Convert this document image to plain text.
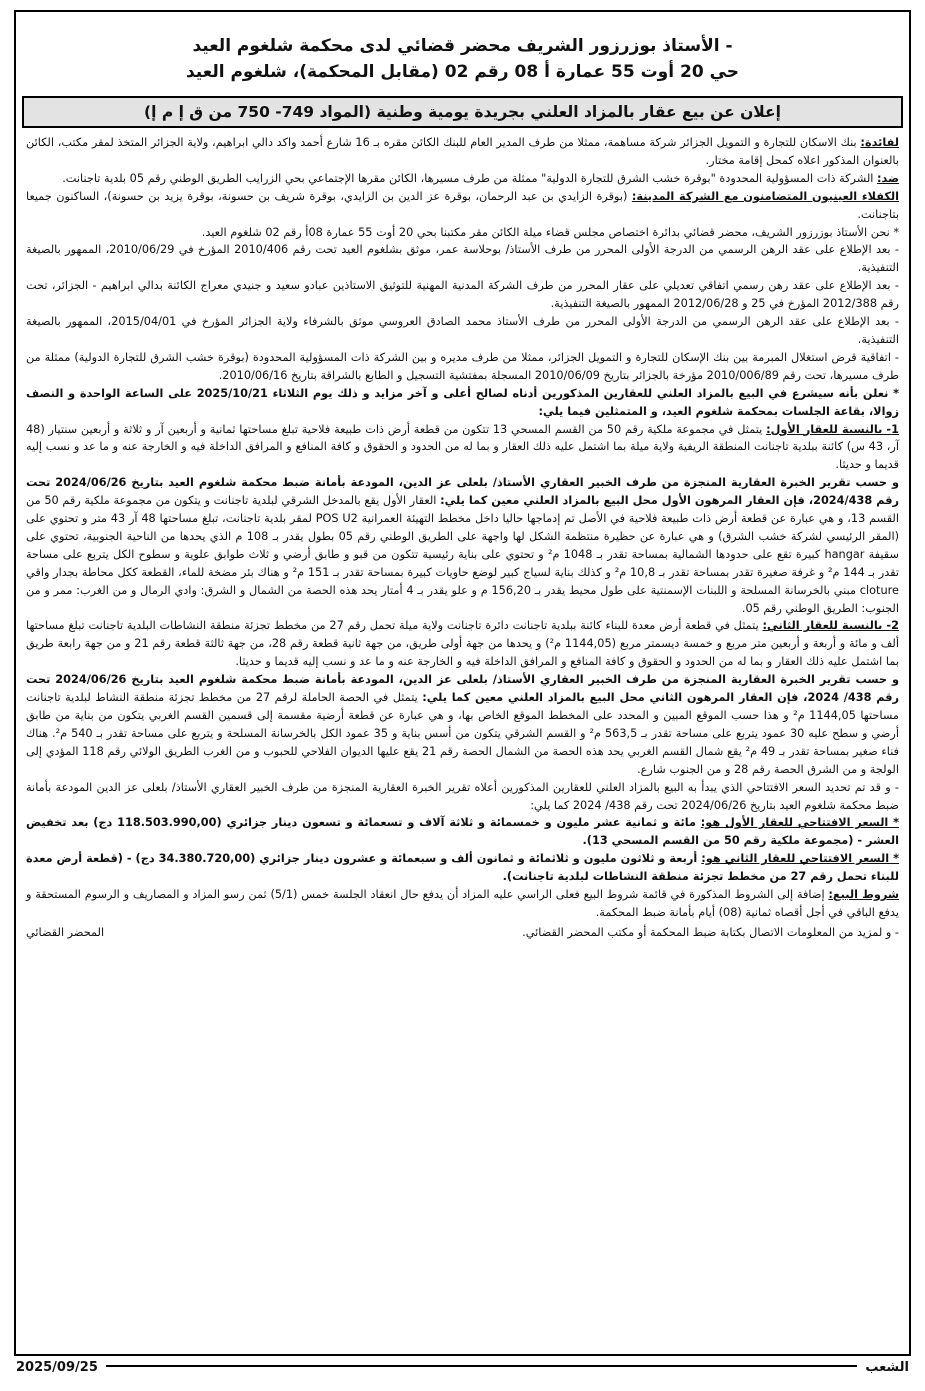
- الأستاذ بوزرزور الشريف محضر قضائي لدى محكمة شلغوم العيد

حي 20 أوت 55 عمارة أ 08 رقم 02 (مقابل المحكمة)، شلغوم العيد

إعلان عن بيع عقار بالمزاد العلني بجريدة يومية وطنية (المواد 749- 750 من ق إ م إ)

لفائدة: بنك الاسكان للتجارة و التمويل الجزائر شركة مساهمة، ممثلا من طرف المدير العام للبنك الكائن مقره بـ 16 شارع أحمد واكد دالي ابراهيم، ولاية الجزائر المتخذ لمقر مكتب، الكائن بالعنوان المذكور اعلاه كمحل إقامة مختار.

ضد: الشركة ذات المسؤولية المحدودة "بوقرة خشب الشرق للتجارة الدولية" ممثلة من طرف مسيرها، الكائن مقرها الإجتماعي بحي الزرايب الطريق الوطني رقم 05 بلدية تاجنانت.

الكفلاء العينيون المتضامنون مع الشركة المدينة: (بوقرة الزايدي بن عبد الرحمان، بوقرة عز الدين بن الزايدي، بوقرة شريف بن حسونة، بوقرة يزيد بن حسونة)، الساكنون جميعا بتاجنانت.

* نحن الأستاذ بوزرزور الشريف، محضر قضائي بدائرة اختصاص مجلس قضاء ميلة الكائن مقر مكتبنا بحي 20 أوت 55 عمارة 08أ رقم 02 شلغوم العيد.

- بعد الإطلاع على عقد الرهن الرسمي من الدرجة الأولى المحرر من طرف الأستاذ/ بوحلاسة عمر، موثق بشلغوم العيد تحت رقم 2010/406 المؤرخ في 2010/06/29، الممهور بالصيغة التنفيذية.

- بعد الإطلاع على عقد رهن رسمي اتفاقي تعديلي على عقار المحرر من طرف الشركة المدنية المهنية للتوثيق الاستاذين عبادو سعيد و جنيدي معراج الكائنة بدالي ابراهيم - الجزائر، تحت رقم 2012/388 المؤرخ في 25 و 2012/06/28 الممهور بالصيغة التنفيذية.

- بعد الإطلاع على عقد الرهن الرسمي من الدرجة الأولى المحرر من طرف الأستاذ محمد الصادق العروسي موثق بالشرفاء ولاية الجزائر المؤرخ في 2015/04/01، الممهور بالصيغة التنفيذية.

- اتفاقية قرض استغلال المبرمة بين بنك الإسكان للتجارة و التمويل الجزائر، ممثلا من طرف مديره و بين الشركة ذات المسؤولية المحدودة (بوقرة خشب الشرق للتجارة الدولية) ممثلة من طرف مسيرها، تحت رقم 2010/006/89 مؤرخة بالجزائر بتاريخ 2010/06/09 المسجلة بمفتشية التسجيل و الطابع بالشراقة بتاريخ 2010/06/16.

* نعلن بأنه سيشرع في البيع بالمزاد العلني للعقارين المذكورين أدناه لصالح أعلى و آخر مزايد و ذلك يوم الثلاثاء 2025/10/21 على الساعة الواحدة و النصف زوالا، بقاعة الجلسات بمحكمة شلغوم العيد، و المتمثلين فيما يلي:

1- بالنسبة للعقار الأول: يتمثل في مجموعة ملكية رقم 50 من القسم المسحي 13 تتكون من قطعة أرض ذات طبيعة فلاحية تبلغ مساحتها ثمانية و أربعين آر و ثلاثة و أربعين سنتيار (48 آر، 43 س) كائنة ببلدية تاجنانت المنطقة الريفية ولاية ميلة بما اشتمل عليه ذلك العقار و بما له من الحدود و الحقوق و كافة المنافع و المرافق الداخلة فيه و الخارجة عنه و ما عد و نسب إليه قديما و حديثا.

و حسب تقرير الخبرة العقارية المنجزة من طرف الخبير العقاري الأستاذ/ بلعلى عز الدين، المودعة بأمانة ضبط محكمة شلغوم العيد بتاريخ 2024/06/26 تحت رقم 2024/438، فإن العقار المرهون الأول محل البيع بالمزاد العلني معين كما يلي: العقار الأول يقع بالمدخل الشرقي لبلدية تاجنانت و يتكون من مجموعة ملكية رقم 50 من القسم 13، و هي عبارة عن قطعة أرض ذات طبيعة فلاحية في الأصل تم إدماجها حاليا داخل مخطط التهيئة العمرانية POS U2 لمقر بلدية تاجنانت، تبلغ مساحتها 48 آر 43 متر و تحتوي على (المقر الرئيسي لشركة خشب الشرق) و هي عبارة عن حظيرة منتظمة الشكل لها واجهة على الطريق الوطني رقم 05 بطول يقدر بـ 108 م الذي يحدها من الناحية الجنوبية، تحتوي على سقيفة hangar كبيرة تقع على حدودها الشمالية بمساحة تقدر بـ 1048 م² و تحتوي على بناية رئيسية تتكون من قبو و طابق أرضي و ثلاث طوابق علوية و سطوح الكل يتربع على مساحة تقدر بـ 144 م² و غرفة صغيرة تقدر بمساحة تقدر بـ 10,8 م² و كذلك بناية لسياج كبير لوضع حاويات كبيرة بمساحة تقدر بـ 151 م² و هناك بئر مضخة للماء، القطعة ككل محاطة بجدار واقي cloture مبني بالخرسانة المسلحة و اللبنات الإسمنتية على طول محيط يقدر بـ 156,20 م و علو يقدر بـ 4 أمتار يحد هذه الحصة من الشمال و الشرق: وادي الرمال و من الغرب: ممر و من الجنوب: الطريق الوطني رقم 05.

2- بالنسبة للعقار الثاني: يتمثل في قطعة أرض معدة للبناء كائنة ببلدية تاجنانت دائرة تاجنانت ولاية ميلة تحمل رقم 27 من مخطط تجزئة منطقة النشاطات البلدية تاجنانت تبلغ مساحتها ألف و مائة و أربعة و أربعين متر مربع و خمسة ديسمتر مربع (1144,05 م²) و يحدها من جهة أولى طريق، من جهة ثانية قطعة رقم 28، من جهة ثالثة قطعة رقم 21 و من جهة رابعة طريق بما اشتمل عليه ذلك العقار و بما له من الحدود و الحقوق و كافة المنافع و المرافق الداخلة فيه و الخارجة عنه و ما عد و نسب إليه قديما و حديثا.

و حسب تقرير الخبرة العقارية المنجزة من طرف الخبير العقاري الأستاذ/ بلعلى عز الدين، المودعة بأمانة ضبط محكمة شلغوم العيد بتاريخ 2024/06/26 تحت رقم 438/ 2024، فإن العقار المرهون الثاني محل البيع بالمزاد العلني معين كما يلي: يتمثل في الحصة الحاملة لرقم 27 من مخطط تجزئة منطقة النشاط لبلدية تاجنانت مساحتها 1144,05 م² و هذا حسب الموقع المبين و المحدد على المخطط الموقع الخاص بها، و هي عبارة عن قطعة أرضية مقسمة إلى قسمين القسم الغربي يتكون من بناية من طابق أرضي و سطح عليه 30 عمود يتربع على مساحة تقدر بـ 563,5 م² و القسم الشرقي يتكون من أسس بناية و 35 عمود الكل بالخرسانة المسلحة و يتربع على مساحة تقدر بـ 540 م². هناك فناء صغير بمساحة تقدر بـ 49 م² يقع شمال القسم الغربي يحد هذه الحصة من الشمال الحصة رقم 21 يقع عليها الديوان الفلاحي للحبوب و من الغرب الطريق الولائي رقم 118 المؤدي إلى الولجة و من الشرق الحصة رقم 28 و من الجنوب شارع.

- و قد تم تحديد السعر الافتتاحي الذي يبدأ به البيع بالمزاد العلني للعقارين المذكورين أعلاه تقرير الخبرة العقارية المنجزة من طرف الخبير العقاري الأستاذ/ بلعلى عز الدين المودعة بأمانة ضبط محكمة شلغوم العيد بتاريخ 2024/06/26 تحت رقم 438/ 2024 كما يلي:

* السعر الافتتاحي للعقار الأول هو: مائة و ثمانية عشر مليون و خمسمائة و ثلاثة آلاف و تسعمائة و تسعون دينار جزائري (118.503.990,00 دج) بعد تخفيض العشر - (مجموعة ملكية رقم 50 من القسم المسحي 13).

* السعر الافتتاحي للعقار الثاني هو: أربعة و ثلاثون مليون و ثلاثمائة و ثمانون ألف و سبعمائة و عشرون دينار جزائري (34.380.720,00 دج) - (قطعة أرض معدة للبناء تحمل رقم 27 من مخطط تجزئة منطقة النشاطات لبلدية تاجنانت).

شروط البيع: إضافة إلى الشروط المذكورة في قائمة شروط البيع فعلى الراسي عليه المزاد أن يدفع حال انعقاد الجلسة خمس (5/1) ثمن رسو المزاد و المصاريف و الرسوم المستحقة و يدفع الباقي في أجل أقصاه ثمانية (08) أيام بأمانة ضبط المحكمة.

- و لمزيد من المعلومات الاتصال بكتابة ضبط المحكمة أو مكتب المحضر القضائي.
المحضر القضائي
الشعب
2025/09/25
